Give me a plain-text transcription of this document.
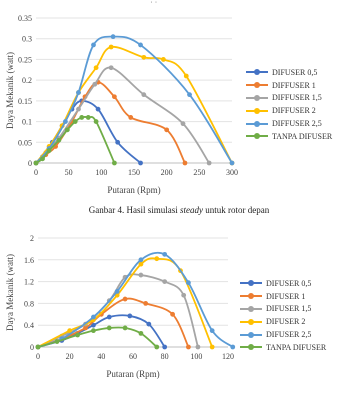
˙ ˙
0
0.05
0.1
0.15
0.2
0.25
0.3
0.35
0	50	100	150	200	250	300
Putaran (Rpm)
Daya Mekanik (watt)	DIFUSER 0,5
DIFFUSER 1
DIFFUSER 1,5
DIFFUSER 2
DIFFUSER 2,5
TANPA DIFUSER
Ganbar 4. Hasil simulasi steady untuk rotor depan
0
0.4
0.8
1.2
1.6
2
0	20	40	60	80	100 120
Putaran (Rpm)
Daya Mekanik (watt)	DIFUSER 0,5
DIFUSER 1
DIFUSER 1,5
DIFUSER 2
DIFUSER 2,5
TANPA DIFUSER
